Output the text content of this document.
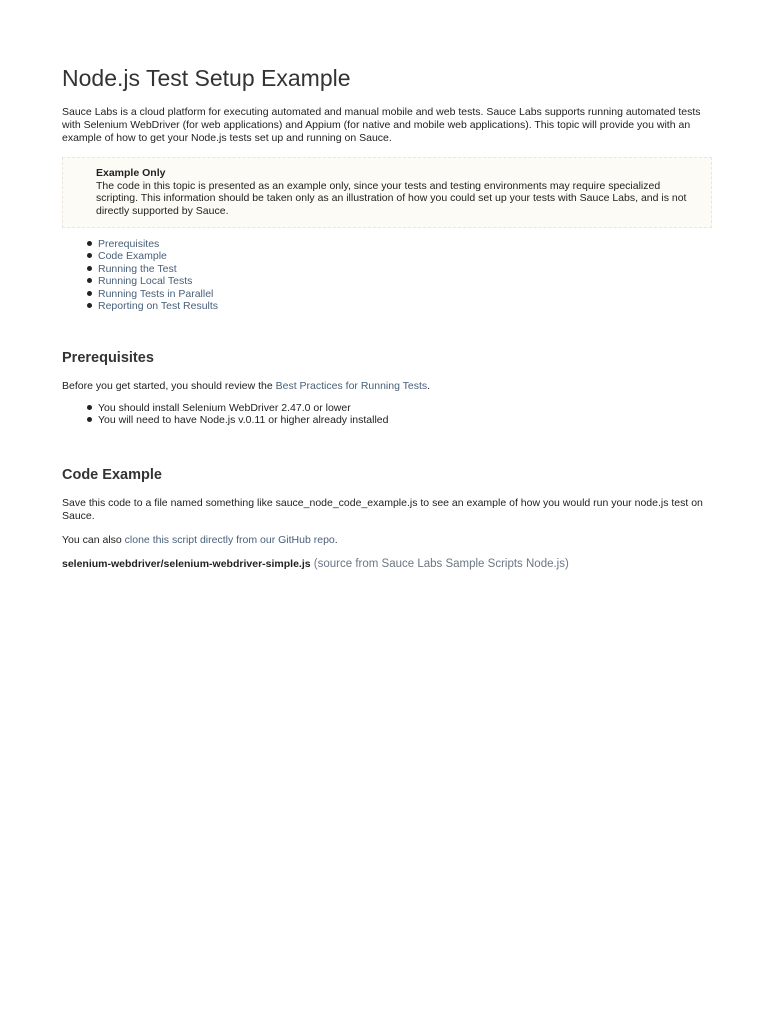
Node.js Test Setup Example

Sauce Labs is a cloud platform for executing automated and manual mobile and web tests. Sauce Labs supports running automated tests with Selenium WebDriver (for web applications) and Appium (for native and mobile web applications). This topic will provide you with an example of how to get your Node.js tests set up and running on Sauce.

Example Only
The code in this topic is presented as an example only, since your tests and testing environments may require specialized scripting. This information should be taken only as an illustration of how you could set up your tests with Sauce Labs, and is not directly supported by Sauce.
Prerequisites
Code Example
Running the Test
Running Local Tests
Running Tests in Parallel
Reporting on Test Results
Prerequisites

Before you get started, you should review the Best Practices for Running Tests.

You should install Selenium WebDriver 2.47.0 or lower
You will need to have Node.js v.0.11 or higher already installed
Code Example

Save this code to a file named something like sauce_node_code_example.js to see an example of how you would run your node.js test on Sauce.

You can also clone this script directly from our GitHub repo.

selenium-webdriver/selenium-webdriver-simple.js (source from Sauce Labs Sample Scripts Node.js)
